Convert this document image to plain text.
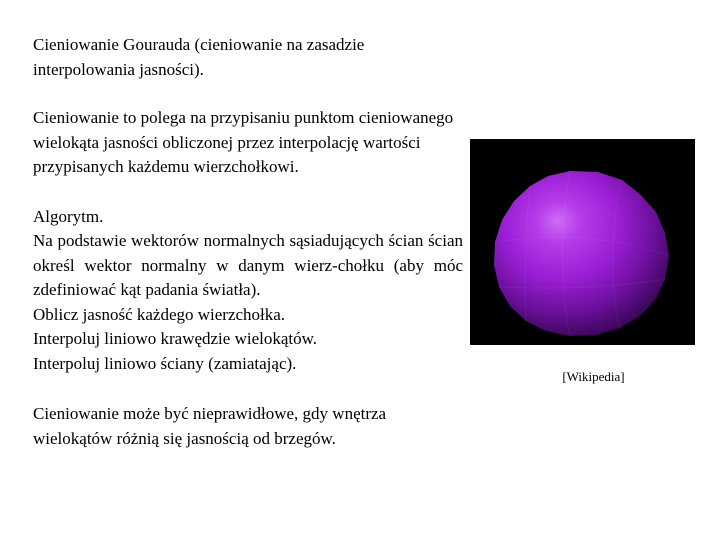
Cieniowanie Gourauda (cieniowanie na zasadzie interpolowania jasności).

Cieniowanie to polega na przypisaniu punktom cieniowanego wielokąta jasności obliczonej przez interpolację wartości przypisanych każdemu wierzchołkowi.

Algorytm.
Na podstawie wektorów normalnych sąsiadujących ścian ścian określ wektor normalny w danym wierz-chołku (aby móc zdefiniować kąt padania światła).
Oblicz jasność każdego wierzchołka.
Interpoluj liniowo krawędzie wielokątów.
Interpoluj liniowo ściany (zamiatając).

Cieniowanie może być nieprawidłowe, gdy wnętrza wielokątów różnią się jasnością od brzegów.

[Wikipedia]
